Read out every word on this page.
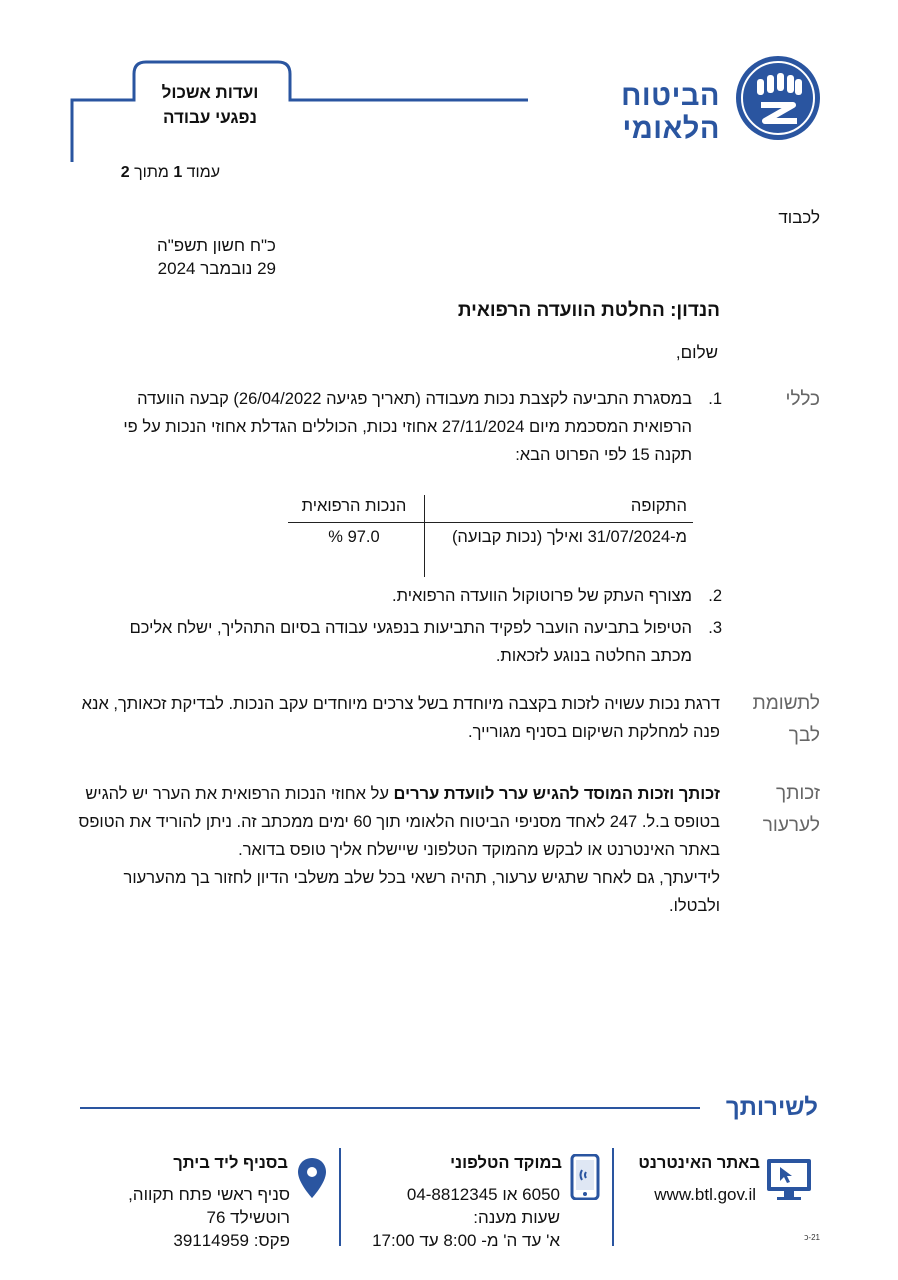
הביטוח הלאומי
ועדות אשכול
נפגעי עבודה
עמוד 1 מתוך 2
לכבוד
כ"ח חשון תשפ"ה
29 נובמבר 2024
הנדון: החלטת הוועדה הרפואית
שלום,
כללי
1.
במסגרת התביעה לקצבת נכות מעבודה (תאריך פגיעה 26/04/2022) קבעה הוועדה הרפואית המסכמת מיום 27/11/2024 אחוזי נכות, הכוללים הגדלת אחוזי הנכות על פי תקנה 15 לפי הפרוט הבא:
התקופה
הנכות הרפואית
מ-31/07/2024 ואילך (נכות קבועה)
97.0 %
2.
מצורף העתק של פרוטוקול הוועדה הרפואית.
3.
הטיפול בתביעה הועבר לפקיד התביעות בנפגעי עבודה בסיום התהליך, ישלח אליכם מכתב החלטה בנוגע לזכאות.
לתשומת
לבך
דרגת נכות עשויה לזכות בקצבה מיוחדת בשל צרכים מיוחדים עקב הנכות. לבדיקת זכאותך, אנא פנה למחלקת השיקום בסניף מגורייך.
זכותך
לערעור
זכותך וזכות המוסד להגיש ערר לוועדת עררים על אחוזי הנכות הרפואית את הערר יש להגיש בטופס ב.ל. 247 לאחד מסניפי הביטוח הלאומי תוך 60 ימים ממכתב זה. ניתן להוריד את הטופס באתר האינטרנט או לבקש מהמוקד הטלפוני שיישלח אליך טופס בדואר.
לידיעתך, גם לאחר שתגיש ערעור, תהיה רשאי בכל שלב משלבי הדיון לחזור בך מהערעור ולבטלו.
לשירותך
באתר האינטרנט
www.btl.gov.il
במוקד הטלפוני
6050 או 04-8812345
שעות מענה:
א' עד ה' מ- 8:00 עד 17:00
בסניף ליד ביתך
סניף ראשי פתח תקווה,
רוטשילד 76
פקס: 39114959	21-כ
